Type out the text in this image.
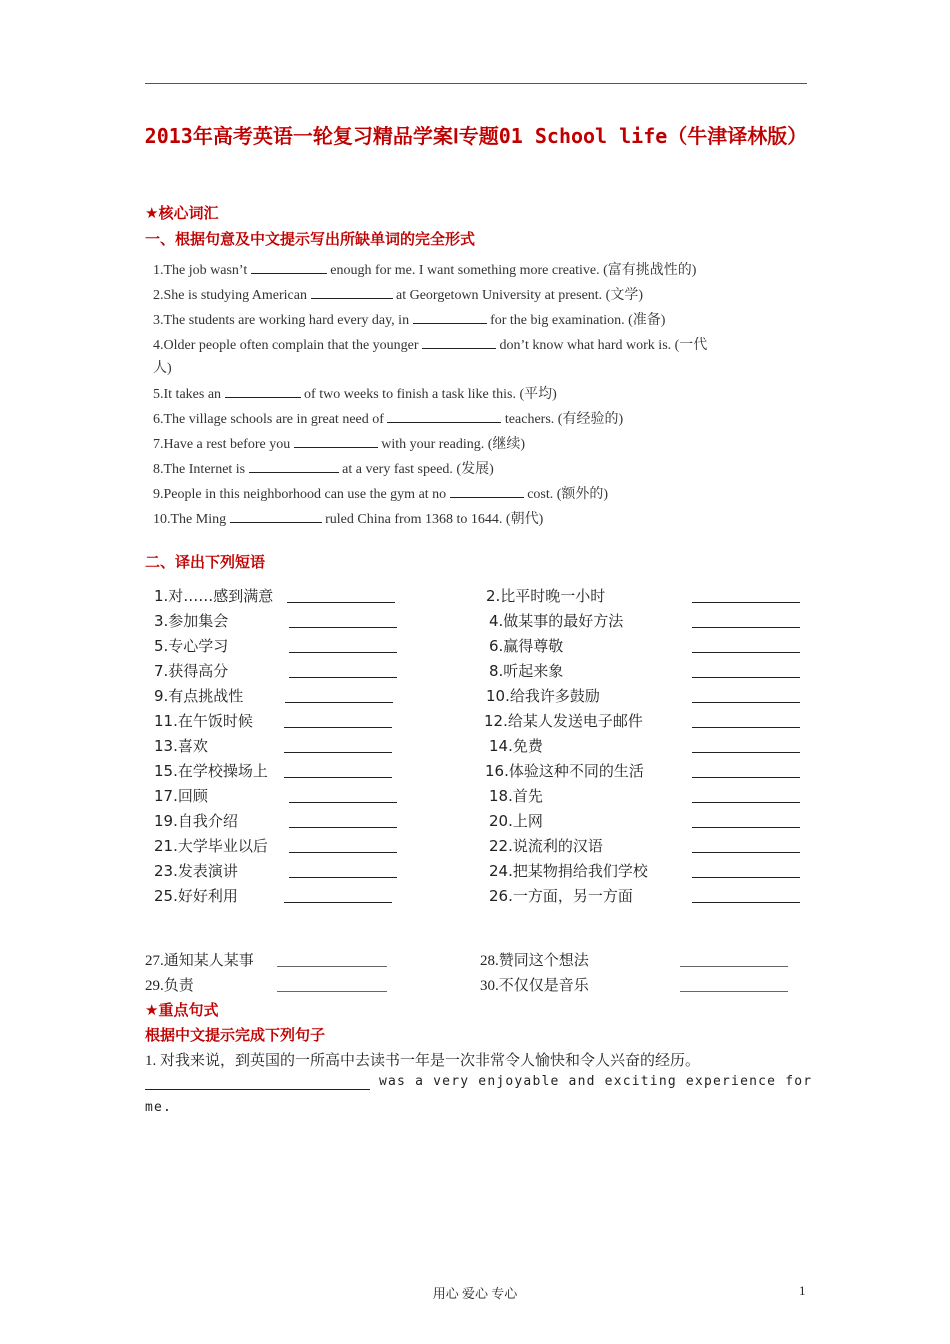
2013年高考英语一轮复习精品学案Ⅰ专题01 School life（牛津译林版）
★核心词汇
一、根据句意及中文提示写出所缺单词的完全形式
1.The job wasn’t	enough for me. I want something more creative. (富有挑战性的)
2.She is studying American	at Georgetown University at present. (文学)
3.The students are working hard every day, in	for the big examination. (准备)
4.Older people often complain that the younger	don’t know what hard work is. (一代
人)
5.It takes an	of two weeks to finish a task like this. (平均)
6.The village schools are in great need of	teachers. (有经验的)
7.Have a rest before you	with your reading. (继续)
8.The Internet is	at a very fast speed. (发展)
9.People in this neighborhood can use the gym at no	cost. (额外的)
10.The Ming	ruled China from 1368 to 1644. (朝代)
二、译出下列短语
1.对……感到满意	2.比平时晚一小时
3.参加集会	4.做某事的最好方法
5.专心学习	6.赢得尊敬
7.获得高分	8.听起来象
9.有点挑战性	10.给我许多鼓励
11.在午饭时候	12.给某人发送电子邮件
13.喜欢	14.免费
15.在学校操场上	16.体验这种不同的生活
17.回顾	18.首先
19.自我介绍	20.上网
21.大学毕业以后	22.说流利的汉语
23.发表演讲	24.把某物捐给我们学校
25.好好利用	26.一方面，另一方面
27.通知某人某事	28.赞同这个想法
29.负责	30.不仅仅是音乐
★重点句式
根据中文提示完成下列句子
1. 对我来说，到英国的一所高中去读书一年是一次非常令人愉快和令人兴奋的经历。
was a very enjoyable and exciting experience for
me.
用心 爱心 专心	1
